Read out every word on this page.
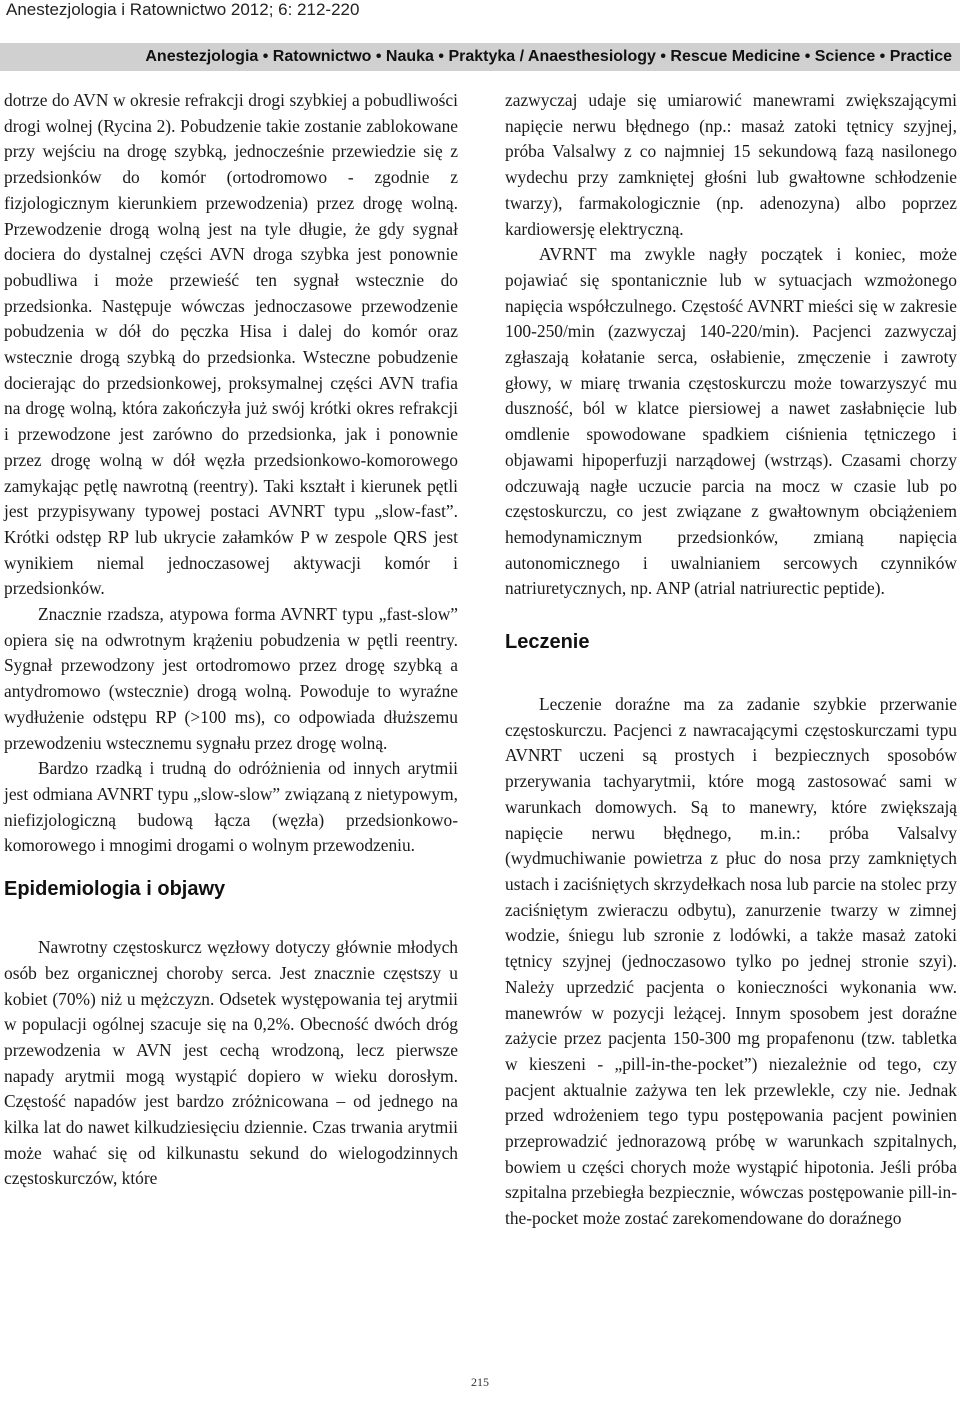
Anestezjologia i Ratownictwo 2012; 6: 212-220
Anestezjologia • Ratownictwo • Nauka • Praktyka / Anaesthesiology • Rescue Medicine • Science • Practice

dotrze do AVN w okresie refrakcji drogi szybkiej a pobudliwości drogi wolnej (Rycina 2). Pobudzenie takie zostanie zablokowane przy wejściu na drogę szybką, jednocześnie przewiedzie się z przedsionków do komór (ortodromowo - zgodnie z fizjologicznym kierunkiem przewodzenia) przez drogę wolną. Przewodzenie drogą wolną jest na tyle długie, że gdy sygnał dociera do dystalnej części AVN droga szybka jest ponownie pobudliwa i może przewieść ten sygnał wstecznie do przedsionka. Następuje wówczas jednoczasowe przewodzenie pobudzenia w dół do pęczka Hisa i dalej do komór oraz wstecznie drogą szybką do przedsionka. Wsteczne pobudzenie docierając do przedsionkowej, proksymalnej części AVN trafia na drogę wolną, która zakończyła już swój krótki okres refrakcji i przewodzone jest zarówno do przedsionka, jak i ponownie przez drogę wolną w dół węzła przedsionkowo-komorowego zamykając pętlę nawrotną (reentry). Taki kształt i kierunek pętli jest przypisywany typowej postaci AVNRT typu „slow-fast”. Krótki odstęp RP lub ukrycie załamków P w zespole QRS jest wynikiem niemal jednoczasowej aktywacji komór i przedsionków.

Znacznie rzadsza, atypowa forma AVNRT typu „fast-slow” opiera się na odwrotnym krążeniu pobudzenia w pętli reentry. Sygnał przewodzony jest ortodromowo przez drogę szybką a antydromowo (wstecznie) drogą wolną. Powoduje to wyraźne wydłużenie odstępu RP (>100 ms), co odpowiada dłuższemu przewodzeniu wstecznemu sygnału przez drogę wolną.

Bardzo rzadką i trudną do odróżnienia od innych arytmii jest odmiana AVNRT typu „slow-slow” związaną z nietypowym, niefizjologiczną budową łącza (węzła) przedsionkowo-komorowego i mnogimi drogami o wolnym przewodzeniu.

Epidemiologia i objawy

Nawrotny częstoskurcz węzłowy dotyczy głównie młodych osób bez organicznej choroby serca. Jest znacznie częstszy u kobiet (70%) niż u mężczyzn. Odsetek występowania tej arytmii w populacji ogólnej szacuje się na 0,2%. Obecność dwóch dróg przewodzenia w AVN jest cechą wrodzoną, lecz pierwsze napady arytmii mogą wystąpić dopiero w wieku dorosłym. Częstość napadów jest bardzo zróżnicowana – od jednego na kilka lat do nawet kilkudziesięciu dziennie. Czas trwania arytmii może wahać się od kilkunastu sekund do wielogodzinnych częstoskurczów, które

zazwyczaj udaje się umiarowić manewrami zwiększającymi napięcie nerwu błędnego (np.: masaż zatoki tętnicy szyjnej, próba Valsalwy z co najmniej 15 sekundową fazą nasilonego wydechu przy zamkniętej głośni lub gwałtowne schłodzenie twarzy), farmakologicznie (np. adenozyna) albo poprzez kardiowersję elektryczną.

AVRNT ma zwykle nagły początek i koniec, może pojawiać się spontanicznie lub w sytuacjach wzmożonego napięcia współczulnego. Częstość AVNRT mieści się w zakresie 100-250/min (zazwyczaj 140-220/min). Pacjenci zazwyczaj zgłaszają kołatanie serca, osłabienie, zmęczenie i zawroty głowy, w miarę trwania częstoskurczu może towarzyszyć mu duszność, ból w klatce piersiowej a nawet zasłabnięcie lub omdlenie spowodowane spadkiem ciśnienia tętniczego i objawami hipoperfuzji narządowej (wstrząs). Czasami chorzy odczuwają nagłe uczucie parcia na mocz w czasie lub po częstoskurczu, co jest związane z gwałtownym obciążeniem hemodynamicznym przedsionków, zmianą napięcia autonomicznego i uwalnianiem sercowych czynników natriuretycznych, np. ANP (atrial natriurectic peptide).

Leczenie

Leczenie doraźne ma za zadanie szybkie przerwanie częstoskurczu. Pacjenci z nawracającymi częstoskurczami typu AVNRT uczeni są prostych i bezpiecznych sposobów przerywania tachyarytmii, które mogą zastosować sami w warunkach domowych. Są to manewry, które zwiększają napięcie nerwu błędnego, m.in.: próba Valsalvy (wydmuchiwanie powietrza z płuc do nosa przy zamkniętych ustach i zaciśniętych skrzydełkach nosa lub parcie na stolec przy zaciśniętym zwieraczu odbytu), zanurzenie twarzy w zimnej wodzie, śniegu lub szronie z lodówki, a także masaż zatoki tętnicy szyjnej (jednoczasowo tylko po jednej stronie szyi). Należy uprzedzić pacjenta o konieczności wykonania ww. manewrów w pozycji leżącej. Innym sposobem jest doraźne zażycie przez pacjenta 150-300 mg propafenonu (tzw. tabletka w kieszeni - „pill-in-the-pocket”) niezależnie od tego, czy pacjent aktualnie zażywa ten lek przewlekle, czy nie. Jednak przed wdrożeniem tego typu postępowania pacjent powinien przeprowadzić jednorazową próbę w warunkach szpitalnych, bowiem u części chorych może wystąpić hipotonia. Jeśli próba szpitalna przebiegła bezpiecznie, wówczas postępowanie pill-in-the-pocket może zostać zarekomendowane do doraźnego

215
